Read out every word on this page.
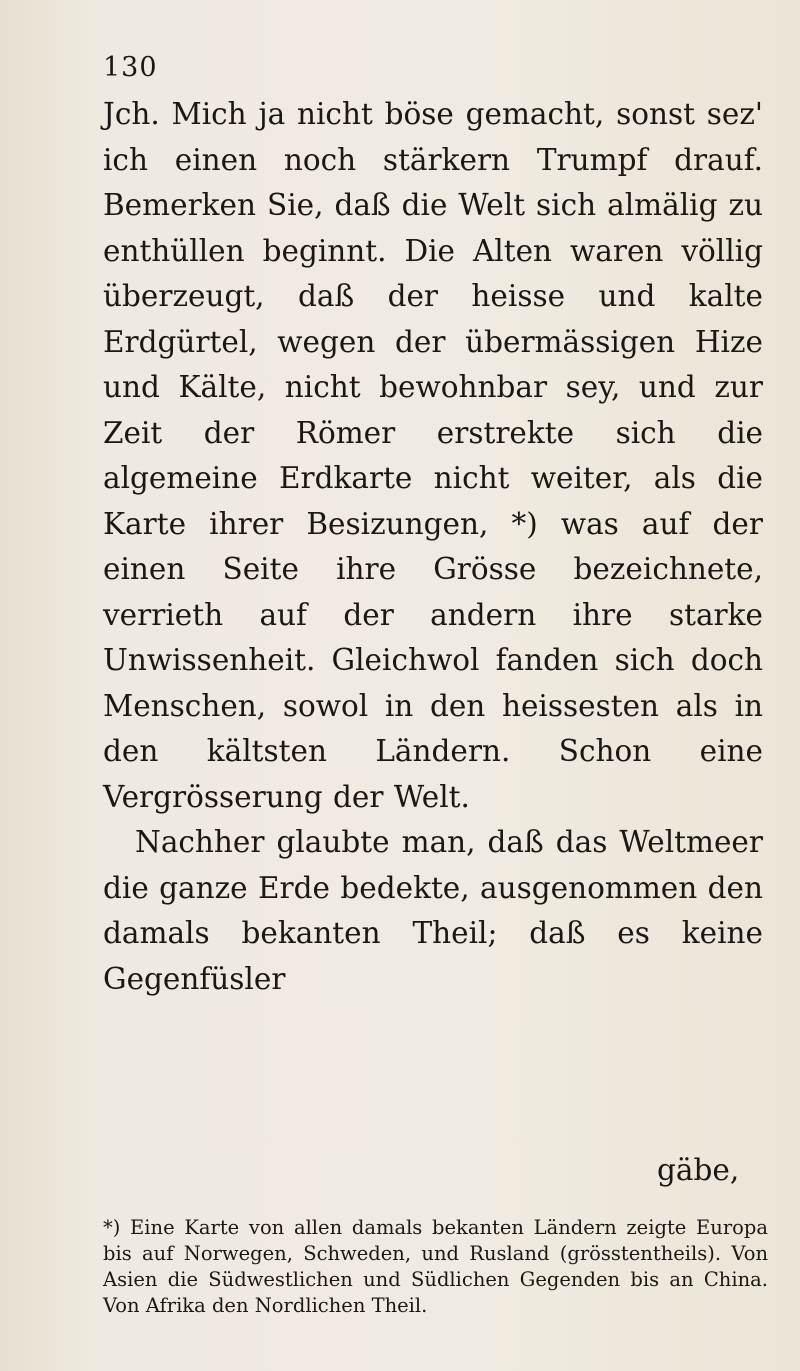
130

Jch. Mich ja nicht böse gemacht, sonst sez' ich einen noch stärkern Trumpf drauf. Bemerken Sie, daß die Welt sich almälig zu enthüllen beginnt. Die Alten waren völlig überzeugt, daß der heisse und kalte Erdgürtel, wegen der übermässigen Hize und Kälte, nicht bewohnbar sey, und zur Zeit der Römer erstrekte sich die algemeine Erdkarte nicht weiter, als die Karte ihrer Besizungen, *) was auf der einen Seite ihre Grösse bezeichnete, verrieth auf der andern ihre starke Unwissenheit. Gleichwol fanden sich doch Menschen, sowol in den heissesten als in den kältsten Ländern. Schon eine Vergrösserung der Welt.

Nachher glaubte man, daß das Weltmeer die ganze Erde bedekte, ausgenommen den damals bekanten Theil; daß es keine Gegenfüsler

gäbe,

*) Eine Karte von allen damals bekanten Ländern zeigte Europa bis auf Norwegen, Schweden, und Rusland (grösstentheils). Von Asien die Südwestlichen und Südlichen Gegenden bis an China. Von Afrika den Nordlichen Theil.
